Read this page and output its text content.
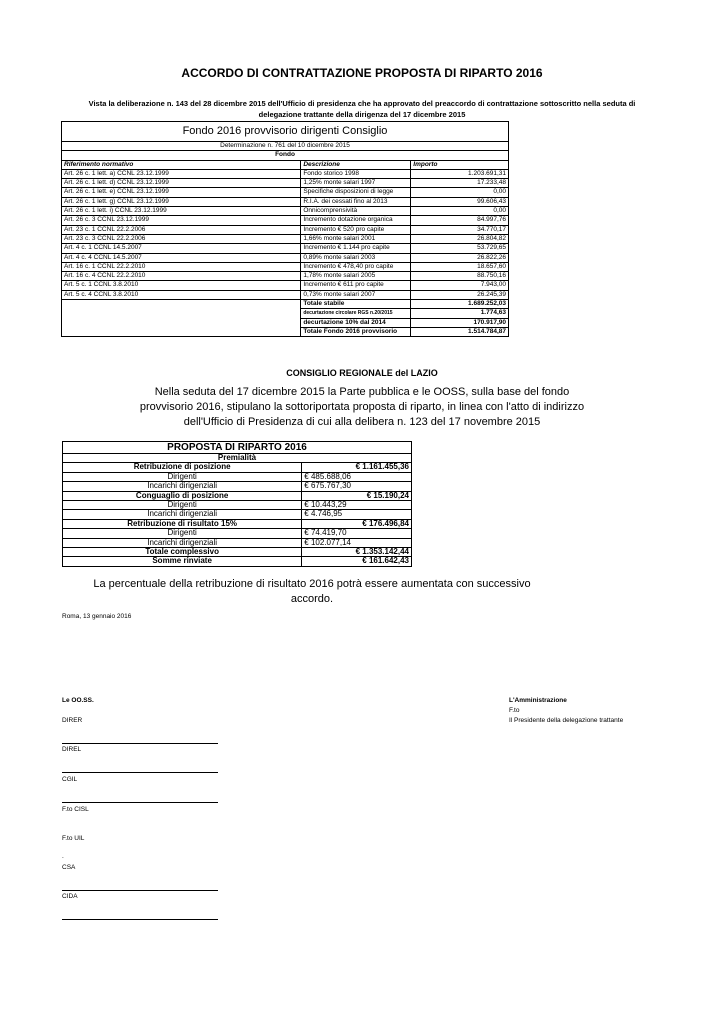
ACCORDO DI CONTRATTAZIONE PROPOSTA DI RIPARTO 2016
Vista la deliberazione n. 143 del 28 dicembre 2015 dell'Ufficio di presidenza che ha approvato del preaccordo di contrattazione sottoscritto nella seduta di
delegazione trattante della dirigenza del 17 dicembre 2015
Fondo 2016 provvisorio dirigenti Consiglio		
Determinazione n. 761 del 10 dicembre 2015		
Fondo		
Riferimento normativo	Descrizione	Importo
Art. 26 c. 1 lett. a) CCNL 23.12.1999	Fondo storico 1998	1.203.691,31
Art. 26 c. 1 lett. d) CCNL 23.12.1999	1,25% monte salari 1997	17.233,48
Art. 26 c. 1 lett. e) CCNL 23.12.1999	Specifiche disposizioni di legge	0,00
Art. 26 c. 1 lett. g) CCNL 23.12.1999	R.I.A. dei cessati fino al 2013	99.606,43
Art. 26 c. 1 lett. i) CCNL 23.12.1999	Onnicomprensività	0,00
Art. 26 c. 3 CCNL 23.12.1999	Incremento dotazione organica	84.997,76
Art. 23 c. 1 CCNL 22.2.2006	Incremento € 520 pro capite	34.770,17
Art. 23 c. 3 CCNL 22.2.2006	1,66% monte salari 2001	26.804,82
Art. 4 c. 1 CCNL 14.5.2007	Incremento € 1.144 pro capite	53.729,65
Art. 4 c. 4 CCNL 14.5.2007	0,89% monte salari 2003	26.822,26
Art. 16 c. 1 CCNL 22.2.2010	Incremento € 478,40 pro capite	18.657,60
Art. 16 c. 4 CCNL 22.2.2010	1,78% monte salari 2005	88.750,16
Art. 5 c. 1 CCNL 3.8.2010	Incremento € 611 pro capite	7.943,00
Art. 5 c. 4 CCNL 3.8.2010	0,73% monte salari 2007	26.245,39
	Totale stabile	1.689.252,03
	decurtazione circolare RGS n.20/2015	1.774,63
	decurtazione 10% dal 2014	170.917,90
	Totale Fondo 2016 provvisorio	1.514.784,87
CONSIGLIO REGIONALE del LAZIO
Nella seduta del 17 dicembre 2015 la Parte pubblica e le OOSS, sulla base del fondo
provvisorio 2016, stipulano la sottoriportata proposta di riparto, in linea con l'atto di indirizzo
dell'Ufficio di Presidenza di cui alla delibera n. 123 del 17 novembre 2015
PROPOSTA DI RIPARTO 2016	
Premialità	
Retribuzione di posizione	€ 1.161.455,36
Dirigenti	€ 485.688,06
Incarichi dirigenziali	€ 675.767,30
Conguaglio di posizione	€ 15.190,24
Dirigenti	€ 10.443,29
Incarichi dirigenziali	€ 4.746,95
Retribuzione di risultato 15%	€ 176.496,84
Dirigenti	€ 74.419,70
Incarichi dirigenziali	€ 102.077,14
Totale complessivo	€ 1.353.142,44
Somme rinviate	€ 161.642,43
La percentuale della retribuzione di risultato 2016 potrà essere aumentata con successivo
accordo.
Roma, 13 gennaio 2016
Le OO.SS.	L'Amministrazione
F.to
Il Presidente della delegazione trattante
DIRER
DIREL
CGIL
F.to CISL
F.to UIL
.
CSA
CIDA
